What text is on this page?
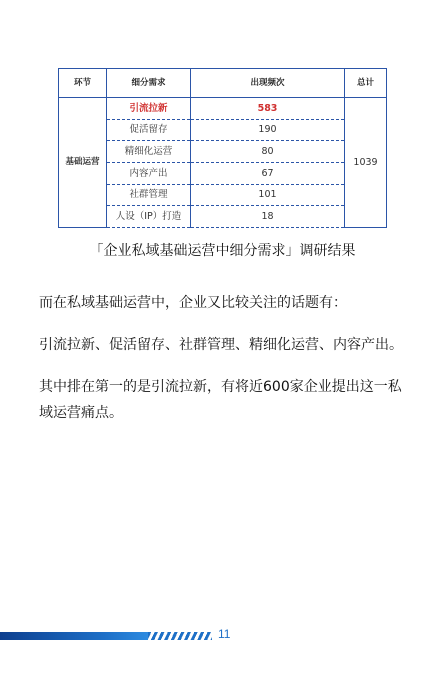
环节	细分需求	出现频次	总计
基础运营	引流拉新	583	1039
	促活留存	190	
	精细化运营	80	
	内容产出	67	
	社群管理	101	
	人设（IP）打造	18	
「企业私域基础运营中细分需求」调研结果
而在私域基础运营中，企业又比较关注的话题有：
引流拉新、促活留存、社群管理、精细化运营、内容产出。
其中排在第一的是引流拉新，有将近600家企业提出这一私域运营痛点。
11
